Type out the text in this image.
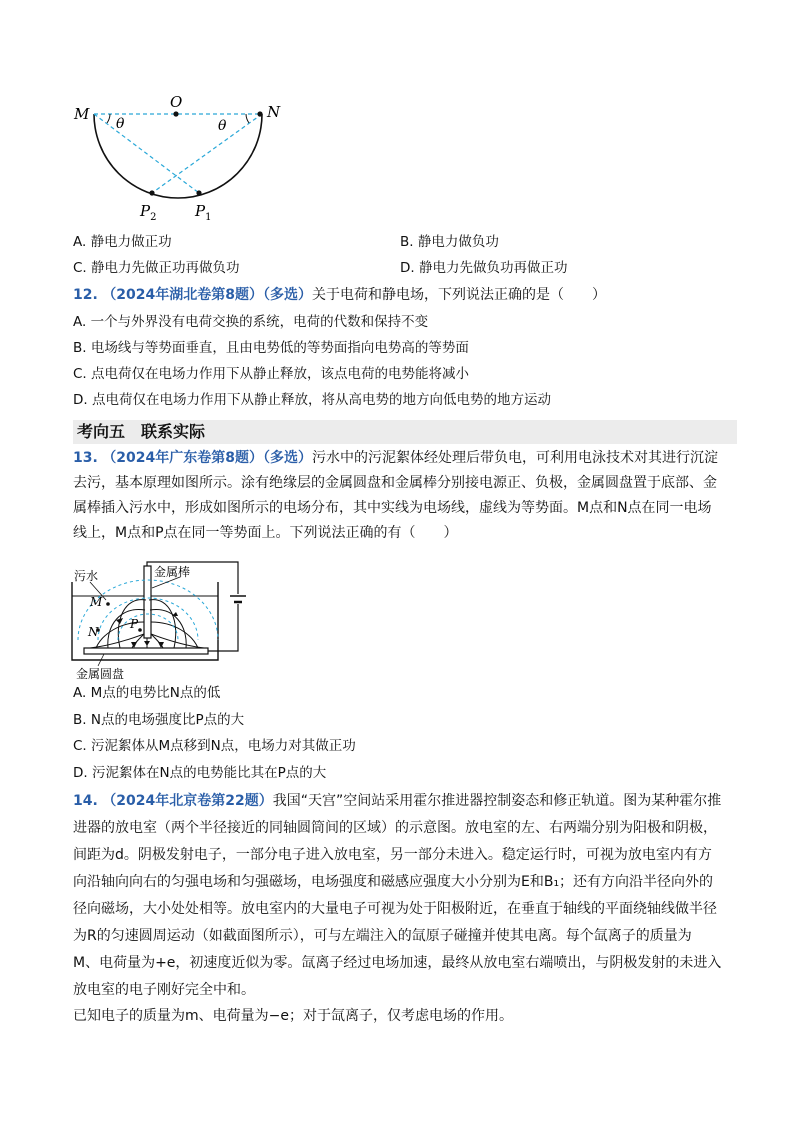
M
O
N
θ	θ
$P_2$	$P_1$
A. 静电力做正功	B. 静电力做负功
C. 静电力先做正功再做负功	D. 静电力先做负功再做正功
12. （2024年湖北卷第8题）（多选）关于电荷和静电场，下列说法正确的是（　　）
A. 一个与外界没有电荷交换的系统，电荷的代数和保持不变
B. 电场线与等势面垂直，且由电势低的等势面指向电势高的等势面
C. 点电荷仅在电场力作用下从静止释放，该点电荷的电势能将减小
D. 点电荷仅在电场力作用下从静止释放，将从高电势的地方向低电势的地方运动
考向五　联系实际
13. （2024年广东卷第8题）（多选）污水中的污泥絮体经处理后带负电，可利用电泳技术对其进行沉淀
去污，基本原理如图所示。涂有绝缘层的金属圆盘和金属棒分别接电源正、负极，金属圆盘置于底部、金
属棒插入污水中，形成如图所示的电场分布，其中实线为电场线，虚线为等势面。M点和N点在同一电场
线上，M点和P点在同一等势面上。下列说法正确的有（　　）
污水	金属棒
M
N
P
金属圆盘
A. M点的电势比N点的低
B. N点的电场强度比P点的大
C. 污泥絮体从M点移到N点，电场力对其做正功
D. 污泥絮体在N点的电势能比其在P点的大
14. （2024年北京卷第22题）我国“天宫”空间站采用霍尔推进器控制姿态和修正轨道。图为某种霍尔推
进器的放电室（两个半径接近的同轴圆筒间的区域）的示意图。放电室的左、右两端分别为阳极和阴极，
间距为d。阴极发射电子，一部分电子进入放电室，另一部分未进入。稳定运行时，可视为放电室内有方
向沿轴向向右的匀强电场和匀强磁场，电场强度和磁感应强度大小分别为E和B₁；还有方向沿半径向外的
径向磁场，大小处处相等。放电室内的大量电子可视为处于阳极附近，在垂直于轴线的平面绕轴线做半径
为R的匀速圆周运动（如截面图所示），可与左端注入的氙原子碰撞并使其电离。每个氙离子的质量为
M、电荷量为+e，初速度近似为零。氙离子经过电场加速，最终从放电室右端喷出，与阴极发射的未进入
放电室的电子刚好完全中和。
已知电子的质量为m、电荷量为−e；对于氙离子，仅考虑电场的作用。
